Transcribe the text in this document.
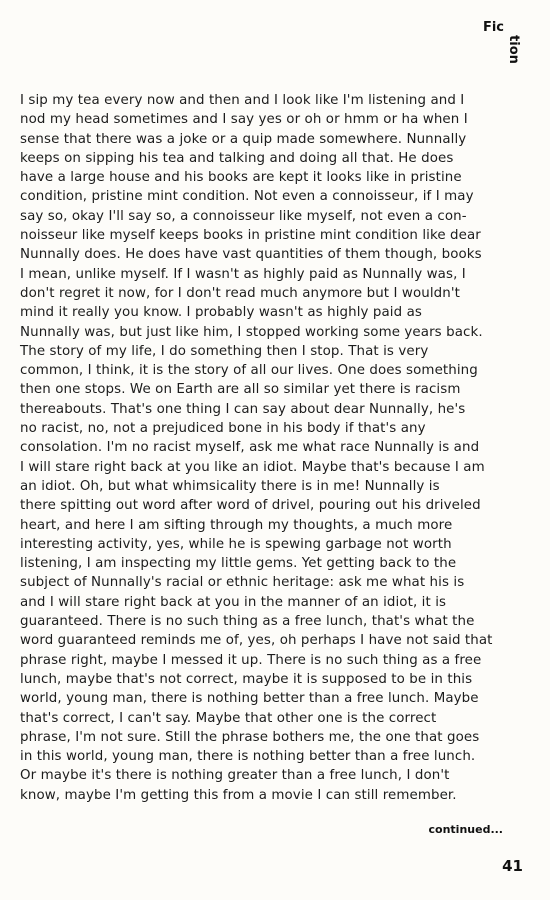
Fic
tion
I sip my tea every now and then and I look like I'm listening and I
nod my head sometimes and I say yes or oh or hmm or ha when I
sense that there was a joke or a quip made somewhere. Nunnally
keeps on sipping his tea and talking and doing all that. He does
have a large house and his books are kept it looks like in pristine
condition, pristine mint condition. Not even a connoisseur, if I may
say so, okay I'll say so, a connoisseur like myself, not even a con-
noisseur like myself keeps books in pristine mint condition like dear
Nunnally does. He does have vast quantities of them though, books
I mean, unlike myself. If I wasn't as highly paid as Nunnally was, I
don't regret it now, for I don't read much anymore but I wouldn't
mind it really you know. I probably wasn't as highly paid as
Nunnally was, but just like him, I stopped working some years back.
The story of my life, I do something then I stop. That is very
common, I think, it is the story of all our lives. One does something
then one stops. We on Earth are all so similar yet there is racism
thereabouts. That's one thing I can say about dear Nunnally, he's
no racist, no, not a prejudiced bone in his body if that's any
consolation. I'm no racist myself, ask me what race Nunnally is and
I will stare right back at you like an idiot. Maybe that's because I am
an idiot. Oh, but what whimsicality there is in me! Nunnally is
there spitting out word after word of drivel, pouring out his driveled
heart, and here I am sifting through my thoughts, a much more
interesting activity, yes, while he is spewing garbage not worth
listening, I am inspecting my little gems. Yet getting back to the
subject of Nunnally's racial or ethnic heritage: ask me what his is
and I will stare right back at you in the manner of an idiot, it is
guaranteed. There is no such thing as a free lunch, that's what the
word guaranteed reminds me of, yes, oh perhaps I have not said that
phrase right, maybe I messed it up. There is no such thing as a free
lunch, maybe that's not correct, maybe it is supposed to be in this
world, young man, there is nothing better than a free lunch. Maybe
that's correct, I can't say. Maybe that other one is the correct
phrase, I'm not sure. Still the phrase bothers me, the one that goes
in this world, young man, there is nothing better than a free lunch.
Or maybe it's there is nothing greater than a free lunch, I don't
know, maybe I'm getting this from a movie I can still remember.
continued...
41
